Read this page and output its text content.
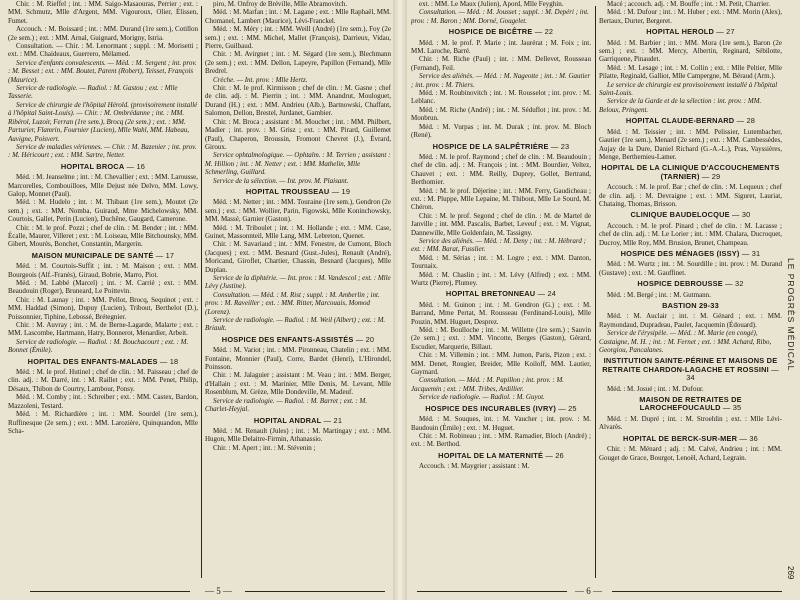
Chir. : M. Rieffel ; int. : MM. Saigo-Masaouras, Perrier ; ext. : MM. Schmutz, Mlle d'Argent, MM. Vigouroux, Olier, Élissen, Fumet.

Accouch. : M. Boissard ; int. : MM. Durand (1re sem.), Cotillon (2e sem.) ; ext. : MM. Arnal, Guignard, Morigny, Istria.

Consultation. — Chir. : M. Lenormant ; suppl. : M. Morisetti ; ext. : MM. Chaideaux, Guerrero, Mélamed.

Service d'enfants convalescents. — Méd. : M. Sergent ; int. prov. : M. Besset ; ext. : MM. Boutet, Parent (Robert), Teisset, François (Maurice).

Service de radiologie. — Radiol. : M. Gastou ; ext. : Mlle Tasserie.

Service de chirurgie de l'hôpital Hérold. (provisoirement installé à l'hôpital Saint-Louis). — Chir. : M. Ombrédanne ; int. : MM. Ribérol, Luzoir, Ferran (1re sem.), Brocq (2e sem.) ; ext. : MM. Parturier, Flamrin, Fournier (Lucien), Mlle Wahl, MM. Habeau, Auvigne, Poisvert.

Service de maladies vériennes. — Chir. : M. Bazenier ; int. prov. : M. Héricourt ; ext. : MM. Sartre, Netter.

HOPITAL BROCA — 16

Méd. : M. Jeanselme ; int. : M. Chevallier ; ext. : MM. Larousse, Marcorelles, Combouilloes, Mlle Dejust née Delvo, MM. Lowy, Galop, Monnet (Paul).

Méd. : M. Hudelo ; int. : M. Thibaut (1re sem.), Moutet (2e sem.) ; ext. : MM. Nomba, Guiraud, Mme Michelowsky, MM. Courtois, Gallet, Perin (Lucien), Duchêne, Gaugard, Camerone.

Chir. : M. le prof. Pozzi ; chef de clin. : M. Bender ; int. : MM. Écalle, Maurer, Villeret ; ext. : M. Loiseau, Mlle Bitchounsky, MM. Gibert, Mourès, Bonchet, Constantin, Margerin.

MAISON MUNICIPALE DE SANTÉ — 17

Méd. : M. Courtois-Suffit ; int. : M. Maison ; ext. : MM. Bourgeois (Alf.-Franès), Giraud, Bobrie, Marro, Piot.

Méd. : M. Labbé (Marcel) ; int. : M. Carrié ; ext. : MM. Beaudouin (Roger), Bruneard, Le Poittevin.

Chir. : M. Launay ; int. : MM. Pellot, Brocq, Sequinot ; ext. : MM. Haddad (Simon), Dupuy (Lucien), Tribout, Berthelot (D.), Poissonnier, Tiphine, Lebossé, Brétegnier.

Chir. : M. Auvray ; int. : M. de Berne-Lagarde, Malarte ; ext. : MM. Lascombe, Hartmann, Hatry, Bonnerot, Menardier, Arbeit.

Service de radiologie. — Radiol. : M. Bouchacourt ; ext. : M. Bonnet (Émile).

HOPITAL DES ENFANTS-MALADES — 18

Méd. : M. le prof. Hutinel ; chef de clin. : M. Paisseau ; chef de clin. adj. : M. Darré, int. : M. Raillet ; ext. : MM. Penet, Philip, Désaux, Thibon de Courtry, Lambour, Ponsy.

Méd. : M. Comby ; int. : Schreiber ; ext. : MM. Castex, Bardon, Mazzoleni, Testard.

Méd. : M. Richardière ; int. : MM. Sourdel (1re sem.), Ruffinesque (2e sem.) ; ext. : MM. Larozière, Quinquandon, Mlle Scha-

piro, M. Onfroy de Bréville, Mlle Abramovitch.

Méd. : M. Marfan ; int. : M. Lagane ; ext. : Mlle Raphaël, MM. Chomanel, Lambert (Maurice), Lévi-Franckel.

Méd. : M. Méry ; int. : MM. Weill (André) (1re sem.), Foy (2e sem.) ; ext. : MM. Michel, Mallet (François), Darrieux, Vidau, Pierre, Guilbaud.

Chir. : M. Avirgnet ; int. : M. Ségard (1re sem.), Blechmann (2e sem.) ; ext. : MM. Dellon, Lapeyre, Papillon (Fernand), Mlle Bredrel.

Crèche. — Int. prov. : Mlle Hertz.

Chir. : M. le prof. Kirmisson ; chef de clin. : M. Gasne ; chef de clin. adj. : M. Pierrin ; int. : MM. Anandrut, Mouloguet, Durand (H.) ; ext. : MM. Andrieu (Alb.), Bartnowski, Chaffant, Salomon, Dellon, Brestel, Jurdanet, Gambier.

Chir. : M. Broca ; assistant : M. Mouchet ; int. : MM. Philbert, Madier ; int. prov. : M. Grisz ; ext. : MM. Pirard, Guillemet (Paul), Chaperon, Broussin, Fromont Chevret (J.), Évrard, Giroux.

Service ophtalmologique. — Ophtalm. : M. Terrien ; assistant : M. Hillion ; int. : M. Netter ; ext. : MM. Mathelin, Mlle Schmerling, Guillard.

Service de la sélection. — Int. prov. M. Plaisant.

HOPITAL TROUSSEAU — 19

Méd. : M. Netter ; int. : MM. Touraine (1re sem.), Gendron (2e sem.) ; ext. : MM. Wollier, Parin, Figowski, Mlle Koninchowsky, MM. Massé, Garnier (Gaston).

Méd. : M. Triboulet ; int. : M. Hollande ; ext. : MM. Case, Guinet, Massonnteil, Mlle Lang, MM. Lebreton, Quenet.

Chir. : M. Savariaud ; int. : MM. Fenestre, de Cumont, Bloch (Jacques) ; ext. : MM. Besnard (Gust.-Jules), Renault (André), Moricand, Giroflet, Chartier, Chassin, Besnard (Jacques), Mlle Duplan.

Service de la diphtérie. — Int. prov. : M. Vandescol ; ext. : Mlle Lévy (Justine).

Consultation. — Méd. : M. Rist ; suppl. : M. Amberlin ; int. prov. : M. Raveiller ; ext. : MM. Ritter, Marcouais, Momod (Lorenz).

Service de radiologie. — Radiol. : M. Weil (Albert) ; ext. : M. Briault.

HOSPICE DES ENFANTS-ASSISTÉS — 20

Méd. : M. Variot ; int. : MM. Pironneau, Chatelin ; ext. : MM. Fontaine, Monnier (Paul), Corre, Bardet (Henri), L'Hirondel, Poinsson.

Chir. : M. Jalaguier ; assistant : M. Veau ; int. : MM. Berger, d'Hallain ; ext. : M. Marinier, Mlle Denis, M. Levant, Mlle Rosenblum, M. Grèze, Mlle Dondeville, M. Madeuf.

Service de radiologie. — Radiol. : M. Barret ; ext. : M. Charlet-Heyjal.

HOPITAL ANDRAL — 21

Méd. : M. Renault (Jules) ; int. : M. Martingay ; ext. : MM. Hugon, Mlle Delaitre-Firmin, Athanassio.

Chir. : M. Apert ; int. : M. Stévenin ;

— 5 —

ext. : MM. Le Maux (Julien), Apord, Mlle Feyghin.

Consultation. — Méd. : M. Jousset ; suppl. : M. Depéri ; int. prov. : M. Baron ; MM. Dorné, Gougelet.

HOSPICE DE BICÊTRE — 22

Méd. : M. le prof. P. Marie ; int. Jaurérat ; M. Foix ; int. MM. Laroche, Barré.

Chir. : M. Riche (Paul) ; int. : MM. Dellevet, Rousseau (Fernand), Feil.

Service des aliénés. — Méd. : M. Nageotte ; int. : M. Gautier ; int. prov. : M. Thiers.

Méd. : M. Roubinovitch ; int. : M. Rousselot ; int. prov. : M. Leblanc.

Méd. : M. Riche (André) ; int. : M. Séduflot ; int. prov. : M. Monbrun.

Méd. : M. Vurpas ; int. M. Durak ; int. prov. M. Bloch (René).

HOSPICE DE LA SALPÊTRIÈRE — 23

Méd. : M. le prof. Raymond ; chef de clin. : M. Beaudouin ; chef de clin. adj. : M. François ; int. : MM. Bourdier, Veltez, Chauvet ; ext. : MM. Reilly, Duprey, Gollet, Bertrand, Berthomier.

Méd. : M. le prof. Déjerine ; int. : MM. Ferry, Gaudicheau ; ext. : M. Pluppe, Mlle Lepaine, M. Thibout, Mlle Le Sourd, M. Chéron.

Chir. : M. le prof. Segond ; chef de clin. : M. de Martel de Janville ; int. MM. Pascalis, Barbet, Leveuf ; ext. : M. Vignat, Dannewille, Mlle Goldenfain, M. Tassigny.

Service des aliénés. — Méd. : M. Deny ; int. : M. Hébrard ; ext. : MM. Barat, Fusslier.

Méd. : M. Sérias ; int. : M. Logre ; ext. : MM. Danton, Tournaix.

Méd. : M. Chaslin ; int. : M. Lévy (Alfred) ; ext. : MM. Wurtz (Pierre), Plumey.

HOPITAL BRETONNEAU — 24

Méd. : M. Guinon ; int. : M. Gendron (G.) ; ext. : M. Barrand, Mme Pertat, M. Rousseau (Ferdinand-Louis), Mlle Pouzin, MM. Huguet, Desprez.

Méd. : M. Boulloche ; int. : M. Willette (1re sem.) ; Sauvin (2e sem.) ; ext. : MM. Vincotte, Berges (Gaston), Gérard, Escudier, Marquerie, Billaut.

Chir. : M. Villemin ; int. : MM. Jumon, Paris, Pizon ; ext. : MM. Denet, Rougier, Breider, Mlle Koiloff, MM. Lautier, Gaymard.

Consultation. — Méd. : M. Papillon ; int. prov. : M. Jacquemin ; ext. : MM. Tribes, Ardillier.

Service de radiologie. — Radiol. : M. Guyot.

HOSPICE DES INCURABLES (IVRY) — 25

Méd. : M. Souques, int. : M. Vaucher ; int. prov. : M. Baudouin (Émile) ; ext. : M. Huguet.

Chir. : M. Robineau ; int. : MM. Ramadier, Bloch (André) ; ext. : M. Berthod.

HOPITAL DE LA MATERNITÉ — 26

Accouch. : M. Maygrier ; assistant : M.

Macé ; accouch. adj. : M. Bouffe ; int. : M. Petit, Charrier.

Méd. : M. Dufour ; int. : M. Huber ; ext. : MM. Morin (Alex), Bertaux, Durter, Bergeret.

HOPITAL HEROLD — 27

Méd. : M. Barbier ; int. : MM. Mora (1re sem.), Baron (2e sem.) ; ext. : MM. Mercy, Albertin, Reginard, Sébilotte, Garriquene, Pinaudet.

Méd. : M. Lesage ; int. : M. Collin ; ext. : Mlle Peltier, Mlle Pilatte, Reginald, Galliot, Mlle Campergne, M. Béraud (Arm.).

Le service de chirurgie est provisoirement installé à l'hôpital Saint-Louis.

Service de la Garde et de la sélection : int. prov. : MM. Beloux, Pringent.

HOPITAL CLAUDE-BERNARD — 28

Méd. : M. Teissier ; int. : MM. Pelissier, Lutembacher, Gautier (1re sem.), Menard (2e sem.) ; ext. : MM. Cambessèdes, Aujay de la Dure, Daniel Richard (G.-A.-L.), Pras, Vayssières, Menge, Berthemieu-Lamer.

HOPITAL DE LA CLINIQUE D'ACCOUCHEMENTS (TARNIER) — 29

Accouch. : M. le prof. Bar ; chef de clin. : M. Lequeux ; chef de clin. adj. : M. Devraigne ; ext. : MM. Siguret, Lauriat, Chataing, Thomas, Brisson.

CLINIQUE BAUDELOCQUE — 30

Accouch. : M. le prof. Pinard ; chef de clin. : M. Lacasse ; chef de clin. adj. : M. Le Lorier ; int. : MM. Chalara, Ducroquet, Ducroy, Mlle Roy, MM. Brusion, Brunet, Champeau.

HOSPICE DES MÉNAGES (ISSY) — 31

Méd. : M. Wurtz ; int. : M. Sourdille ; int. prov. : M. Durand (Gustave) ; ext. : M. Gauffinet.

HOSPICE DEBROUSSE — 32

Méd. : M. Bergé ; int. : M. Gutmann.

BASTION 29-33

Méd. : M. Auclair ; int. : M. Génard ; ext. : MM. Raymondaud, Dupradeau, Paulet, Jacquemin (Édouard).

Service de l'érysipèle. — Méd. : M. Marie (en congé), Castaigne, M. H. ; int. : M. Fernet ; ext. : MM. Achard, Ribo, Georgiou, Pancalanes.

INSTITUTION SAINTE-PÉRINE ET MAISONS DE RETRAITE CHARDON-LAGACHE ET ROSSINI — 34

Méd. : M. Josué ; int. : M. Dufour.

MAISON DE RETRAITES DE LAROCHEFOUCAULD — 35

Méd. : M. Dupré ; int. : M. Stroehlin ; ext. : Mlle Lévi-Alvarès.

HOPITAL DE BERCK-SUR-MER — 36

Chir. : M. Ménard ; adj. : M. Calvé, Andrieu ; int. : MM. Gouget de Grace, Bourgot, Lenoël, Achard, Legrain.

— 6 —
LE PROGRÈS MÉDICAL
269
